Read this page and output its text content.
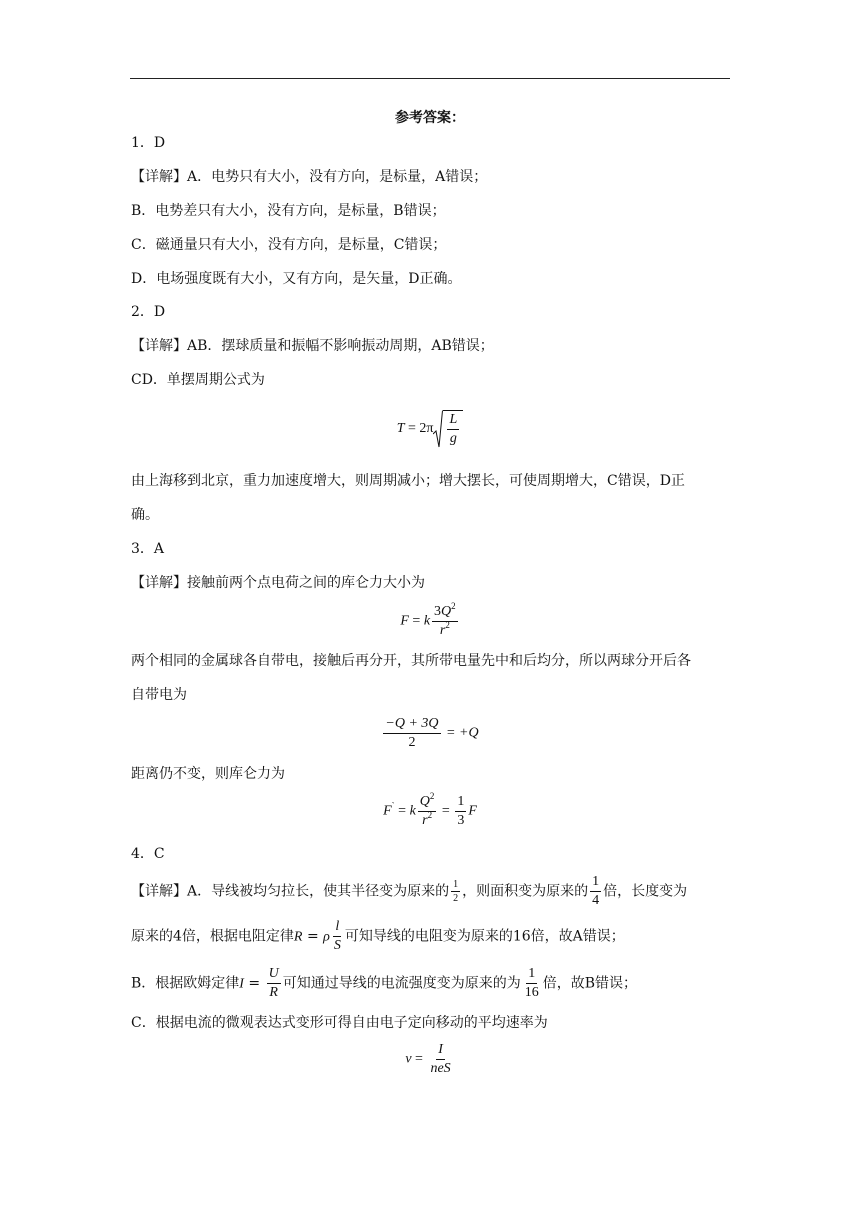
参考答案：
1．D
【详解】A．电势只有大小，没有方向，是标量，A错误；
B．电势差只有大小，没有方向，是标量，B错误；
C．磁通量只有大小，没有方向，是标量，C错误；
D．电场强度既有大小，又有方向，是矢量，D正确。
2．D
【详解】AB．摆球质量和振幅不影响振动周期，AB错误；
CD．单摆周期公式为
$T = 2\pi \frac{L}{g}$
由上海移到北京，重力加速度增大，则周期减小；增大摆长，可使周期增大，C错误，D正
确。
3．A
【详解】接触前两个点电荷之间的库仑力大小为
F = k $\frac{3Q^2}{r^2}$
两个相同的金属球各自带电，接触后再分开，其所带电量先中和后均分，所以两球分开后各
自带电为
$\frac{-Q + 3Q}{2} = +Q$
距离仍不变，则库仑力为
F` = k $\frac{Q^2}{r^2} = \frac{1}{3}$ F
4．C
【详解】A．导线被均匀拉长，使其半径变为原来的 $\frac{1}{2}$ ，则面积变为原来的 $\frac{1}{4}$ 倍，长度变为
原来的4倍，根据电阻定律R = ρ $\frac{l}{S}$ 可知导线的电阻变为原来的16倍，故A错误；
B．根据欧姆定律$I = \frac{U}{R}$ 可知通过导线的电流强度变为原来的为 $\frac{1}{16}$ 倍，故B错误；
C．根据电流的微观表达式变形可得自由电子定向移动的平均速率为
$v = \frac{I}{\text{neS}}$
